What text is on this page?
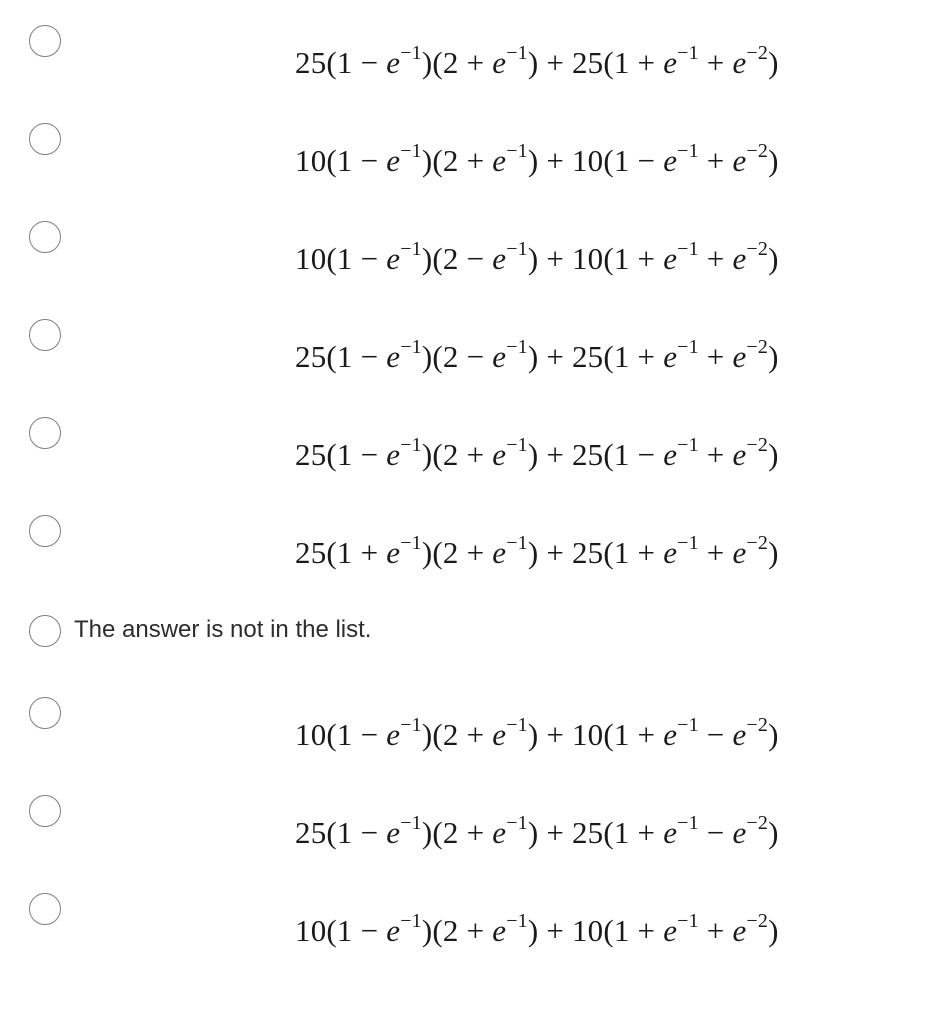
$25(1 - e^{-1})(2 + e^{-1}) + 25(1 + e^{-1} + e^{-2})$
$10(1 - e^{-1})(2 + e^{-1}) + 10(1 - e^{-1} + e^{-2})$
$10(1 - e^{-1})(2 - e^{-1}) + 10(1 + e^{-1} + e^{-2})$
$25(1 - e^{-1})(2 - e^{-1}) + 25(1 + e^{-1} + e^{-2})$
$25(1 - e^{-1})(2 + e^{-1}) + 25(1 - e^{-1} + e^{-2})$
$25(1 + e^{-1})(2 + e^{-1}) + 25(1 + e^{-1} + e^{-2})$
The answer is not in the list.
$10(1 - e^{-1})(2 + e^{-1}) + 10(1 + e^{-1} - e^{-2})$
$25(1 - e^{-1})(2 + e^{-1}) + 25(1 + e^{-1} - e^{-2})$
$10(1 - e^{-1})(2 + e^{-1}) + 10(1 + e^{-1} + e^{-2})$
